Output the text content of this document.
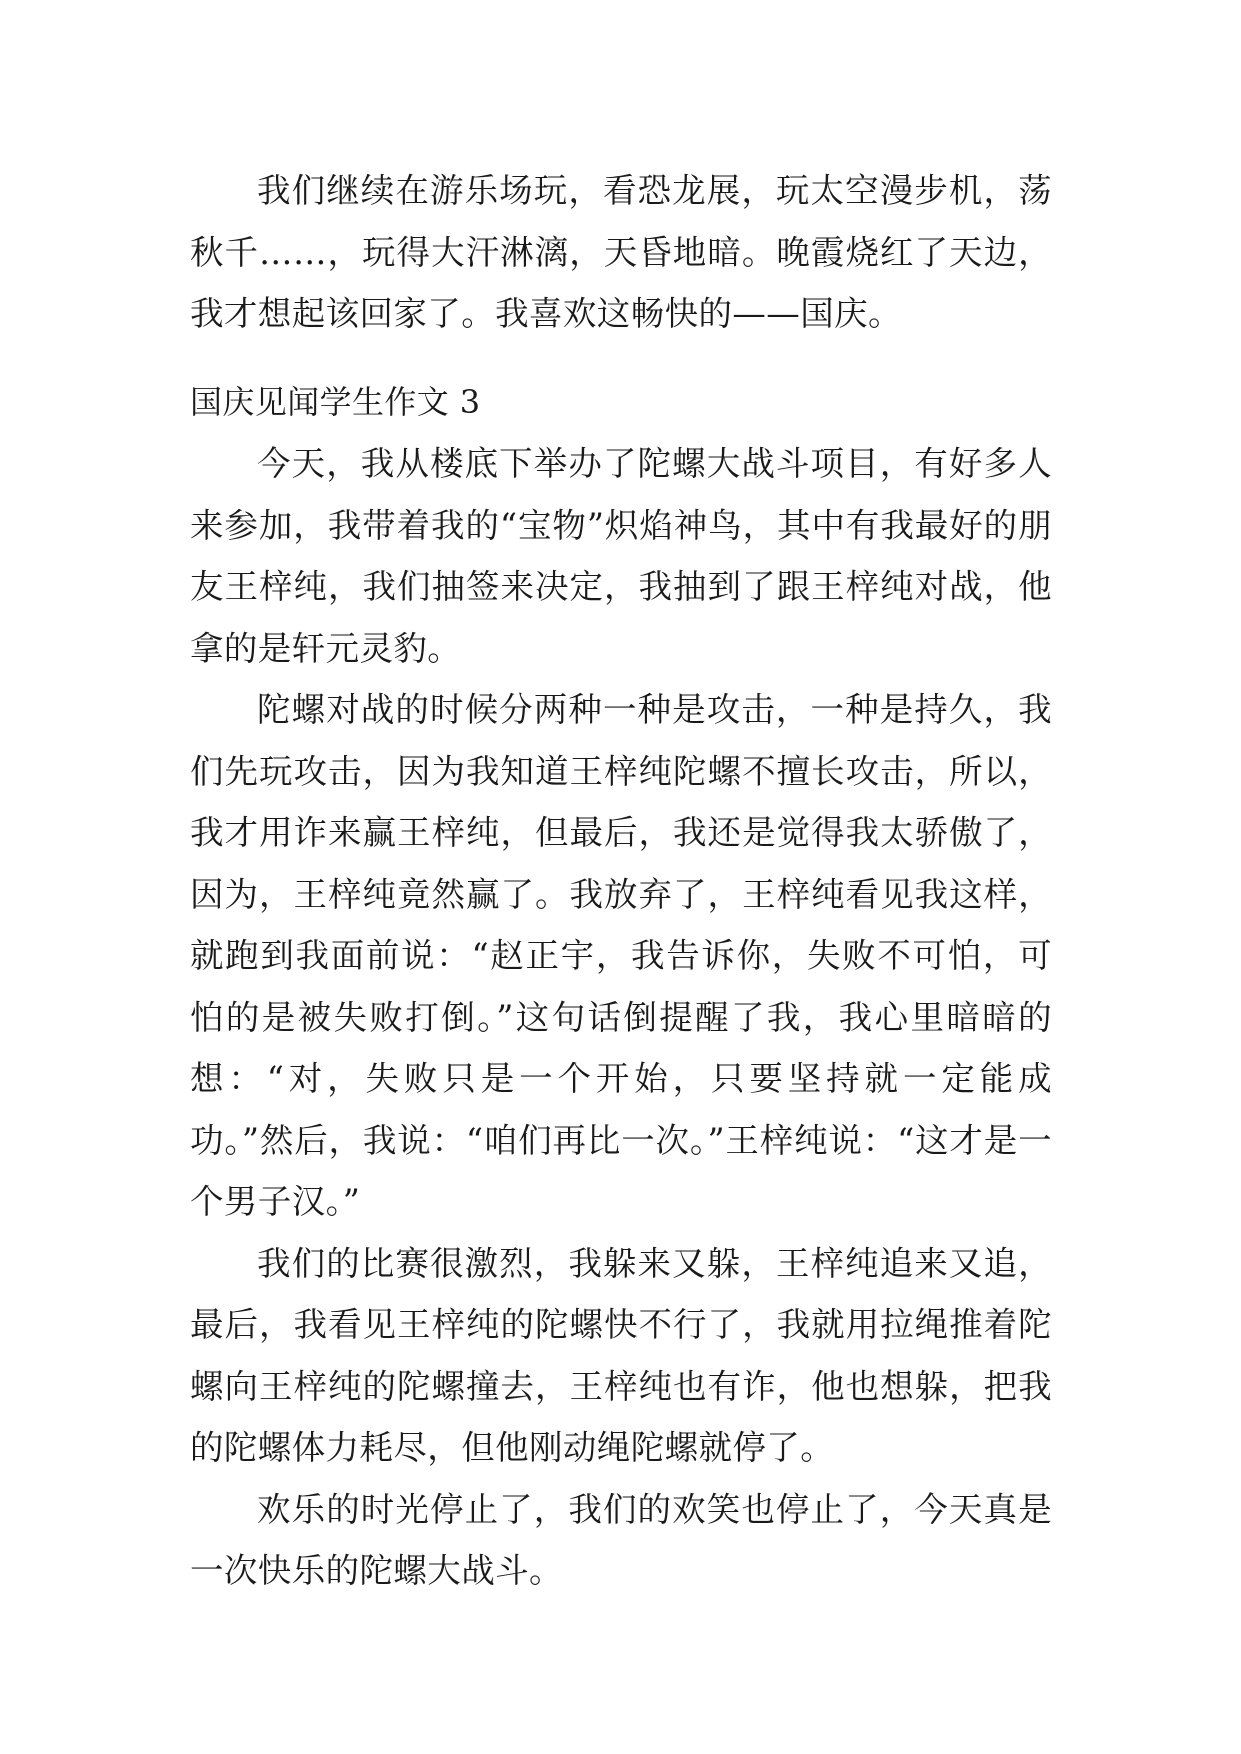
我们继续在游乐场玩，看恐龙展，玩太空漫步机，荡秋千……，玩得大汗淋漓，天昏地暗。晚霞烧红了天边，我才想起该回家了。我喜欢这畅快的——国庆。

国庆见闻学生作文 3

今天，我从楼底下举办了陀螺大战斗项目，有好多人来参加，我带着我的“宝物”炽焰神鸟，其中有我最好的朋友王梓纯，我们抽签来决定，我抽到了跟王梓纯对战，他拿的是轩元灵豹。

陀螺对战的时候分两种一种是攻击，一种是持久，我们先玩攻击，因为我知道王梓纯陀螺不擅长攻击，所以，我才用诈来赢王梓纯，但最后，我还是觉得我太骄傲了，因为，王梓纯竟然赢了。我放弃了，王梓纯看见我这样，就跑到我面前说：“赵正宇，我告诉你，失败不可怕，可怕的是被失败打倒。”这句话倒提醒了我，我心里暗暗的想：“对，失败只是一个开始，只要坚持就一定能成功。”然后，我说：“咱们再比一次。”王梓纯说：“这才是一个男子汉。”

我们的比赛很激烈，我躲来又躲，王梓纯追来又追，最后，我看见王梓纯的陀螺快不行了，我就用拉绳推着陀螺向王梓纯的陀螺撞去，王梓纯也有诈，他也想躲，把我的陀螺体力耗尽，但他刚动绳陀螺就停了。

欢乐的时光停止了，我们的欢笑也停止了，今天真是一次快乐的陀螺大战斗。
